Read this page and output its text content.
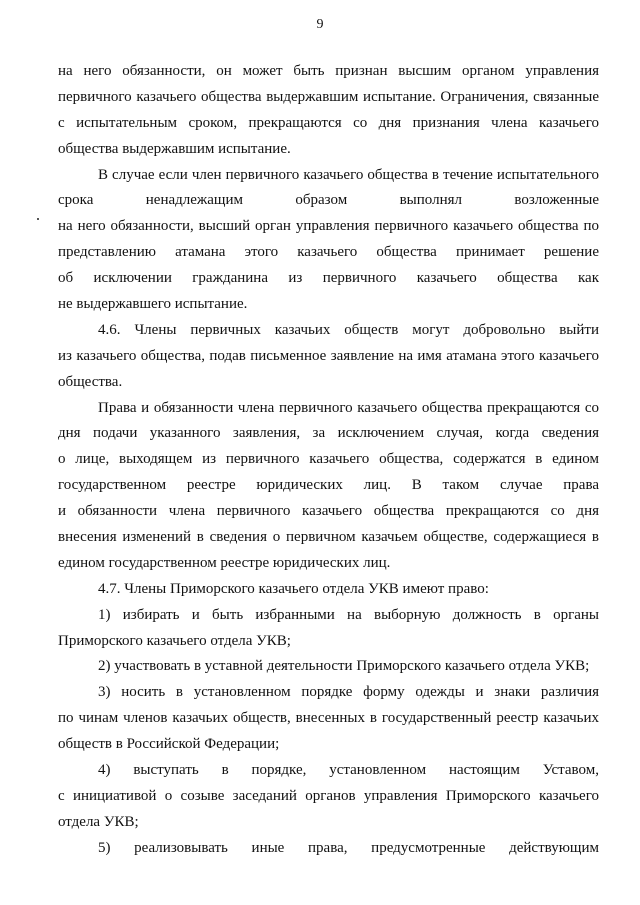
9
на него обязанности, он может быть признан высшим органом управления
первичного казачьего общества выдержавшим испытание. Ограничения, связанные
с испытательным сроком, прекращаются со дня признания члена казачьего
общества выдержавшим испытание.
В случае если член первичного казачьего общества в течение испытательного
срока ненадлежащим образом выполнял возложенные
на него обязанности, высший орган управления первичного казачьего общества по
представлению атамана этого казачьего общества принимает решение
об исключении гражданина из первичного казачьего общества как
не выдержавшего испытание.
4.6. Члены первичных казачьих обществ могут добровольно выйти
из казачьего общества, подав письменное заявление на имя атамана этого казачьего
общества.
Права и обязанности члена первичного казачьего общества прекращаются со
дня подачи указанного заявления, за исключением случая, когда сведения
о лице, выходящем из первичного казачьего общества, содержатся в едином
государственном реестре юридических лиц. В таком случае права
и обязанности члена первичного казачьего общества прекращаются со дня
внесения изменений в сведения о первичном казачьем обществе, содержащиеся в
едином государственном реестре юридических лиц.
4.7. Члены Приморского казачьего отдела УКВ имеют право:
1) избирать и быть избранными на выборную должность в органы
Приморского казачьего отдела УКВ;
2) участвовать в уставной деятельности Приморского казачьего отдела УКВ;
3) носить в установленном порядке форму одежды и знаки различия
по чинам членов казачьих обществ, внесенных в государственный реестр казачьих
обществ в Российской Федерации;
4) выступать в порядке, установленном настоящим Уставом,
с инициативой о созыве заседаний органов управления Приморского казачьего
отдела УКВ;
5) реализовывать иные права, предусмотренные действующим
